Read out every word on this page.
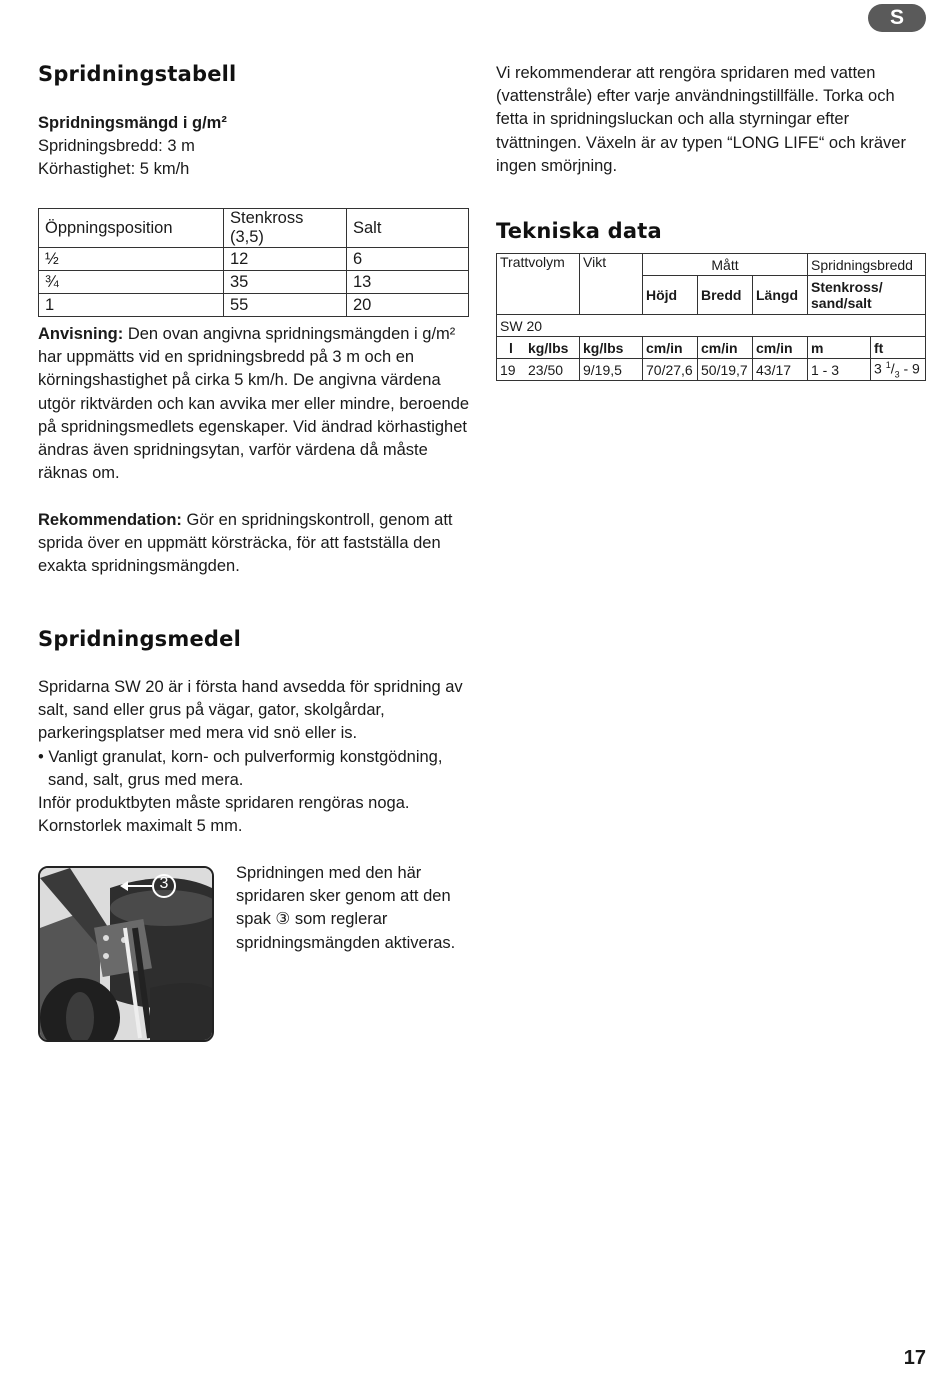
S
Spridningstabell

Spridningsmängd i g/m²

Spridningsbredd: 3 m

Körhastighet: 5 km/h

Öppningsposition	Stenkross (3,5)	Salt
½	12	6
¾	35	13
1	55	20

Anvisning: Den ovan angivna spridningsmängden i g/m² har uppmätts vid en spridningsbredd på 3 m och en körningshastighet på cirka 5 km/h. De angivna värdena utgör riktvärden och kan avvika mer eller mindre, beroende på spridningsmedlets egenskaper. Vid ändrad körhastighet ändras även spridningsytan, varför värdena då måste räknas om.

Rekommendation: Gör en spridningskontroll, genom att sprida över en uppmätt körsträcka, för att fastställa den exakta spridningsmängden.

Spridningsmedel

Spridarna SW 20 är i första hand avsedda för spridning av salt, sand eller grus på vägar, gator, skolgårdar, parkeringsplatser med mera vid snö eller is.

• Vanligt granulat, korn- och pulverformig konstgödning, sand, salt, grus med mera.

Inför produktbyten måste spridaren rengöras noga. Kornstorlek maximalt 5 mm.

3

Spridningen med den här spridaren sker genom att den spak ③ som reglerar spridningsmängden aktiveras.

Vi rekommenderar att rengöra spridaren med vatten (vattenstråle) efter varje användningstillfälle. Torka och fetta in spridningsluckan och alla styrningar efter tvättningen. Växeln är av typen “LONG LIFE“ och kräver ingen smörjning.

Tekniska data
Trattvolym		Vikt	Mått			Spridningsbredd	
			Höjd	Bredd	Längd	Stenkross/ sand/salt	
SW 20							
l	kg/lbs	kg/lbs	cm/in	cm/in	cm/in	m	ft
19	23/50	9/19,5	70/27,6	50/19,7	43/17	1 - 3	3 $^1/_3 - 9$
17
